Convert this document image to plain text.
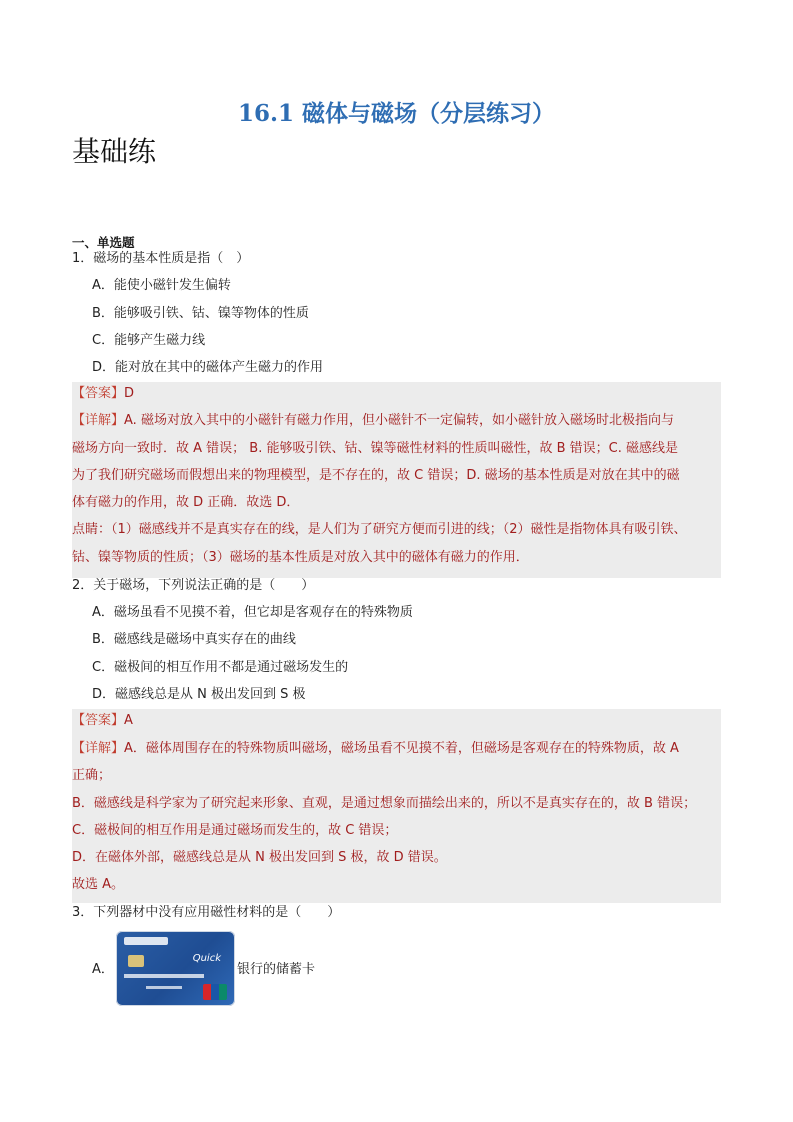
16.1 磁体与磁场（分层练习）
基础练
一、单选题
1．磁场的基本性质是指（　）
A．能使小磁针发生偏转
B．能够吸引铁、钴、镍等物体的性质
C．能够产生磁力线
D．能对放在其中的磁体产生磁力的作用
【答案】D
【详解】A. 磁场对放入其中的小磁针有磁力作用，但小磁针不一定偏转，如小磁针放入磁场时北极指向与
磁场方向一致时．故 A 错误； B. 能够吸引铁、钴、镍等磁性材料的性质叫磁性，故 B 错误；C. 磁感线是
为了我们研究磁场而假想出来的物理模型，是不存在的，故 C 错误；D. 磁场的基本性质是对放在其中的磁
体有磁力的作用，故 D 正确．故选 D．
点睛：（1）磁感线并不是真实存在的线，是人们为了研究方便而引进的线；（2）磁性是指物体具有吸引铁、
钴、镍等物质的性质；（3）磁场的基本性质是对放入其中的磁体有磁力的作用．
2．关于磁场，下列说法正确的是（　　）
A．磁场虽看不见摸不着，但它却是客观存在的特殊物质
B．磁感线是磁场中真实存在的曲线
C．磁极间的相互作用不都是通过磁场发生的
D．磁感线总是从 N 极出发回到 S 极
【答案】A
【详解】A．磁体周围存在的特殊物质叫磁场，磁场虽看不见摸不着，但磁场是客观存在的特殊物质，故 A
正确；
B．磁感线是科学家为了研究起来形象、直观，是通过想象而描绘出来的，所以不是真实存在的，故 B 错误；
C．磁极间的相互作用是通过磁场而发生的，故 C 错误；
D．在磁体外部，磁感线总是从 N 极出发回到 S 极，故 D 错误。
故选 A。
3．下列器材中没有应用磁性材料的是（　　）
A．
Quick
银行的储蓄卡
